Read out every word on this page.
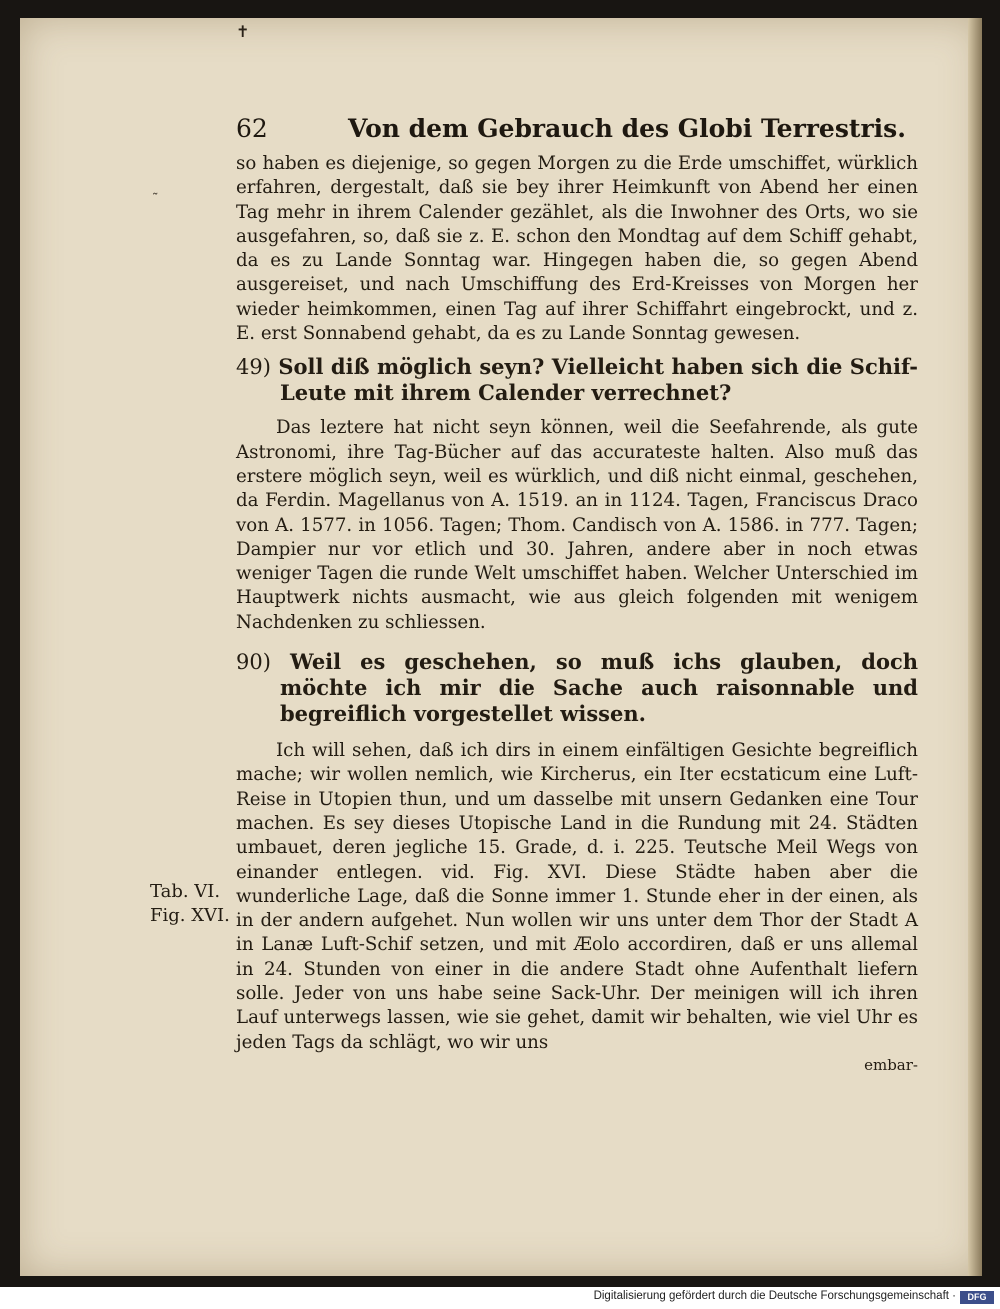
✝
˜
62	Von dem Gebrauch des Globi Terrestris.

so haben es diejenige, so gegen Morgen zu die Erde umschiffet, würklich erfahren, dergestalt, daß sie bey ihrer Heimkunft von Abend her einen Tag mehr in ihrem Calender gezählet, als die Inwohner des Orts, wo sie ausgefahren, so, daß sie z. E. schon den Mondtag auf dem Schiff gehabt, da es zu Lande Sonntag war. Hingegen haben die, so gegen Abend ausgereiset, und nach Umschiffung des Erd-Kreisses von Morgen her wieder heimkommen, einen Tag auf ihrer Schiffahrt eingebrockt, und z. E. erst Sonnabend gehabt, da es zu Lande Sonntag gewesen.

49) Soll diß möglich seyn? Vielleicht haben sich die Schif-Leute mit ihrem Calender verrechnet?

Das leztere hat nicht seyn können, weil die Seefahrende, als gute Astronomi, ihre Tag-Bücher auf das accurateste halten. Also muß das erstere möglich seyn, weil es würklich, und diß nicht einmal, geschehen, da Ferdin. Magellanus von A. 1519. an in 1124. Tagen, Franciscus Draco von A. 1577. in 1056. Tagen; Thom. Candisch von A. 1586. in 777. Tagen; Dampier nur vor etlich und 30. Jahren, andere aber in noch etwas weniger Tagen die runde Welt umschiffet haben. Welcher Unterschied im Hauptwerk nichts ausmacht, wie aus gleich folgenden mit wenigem Nachdenken zu schliessen.

90) Weil es geschehen, so muß ichs glauben, doch möchte ich mir die Sache auch raisonnable und begreiflich vorgestellet wissen.

Ich will sehen, daß ich dirs in einem einfältigen Gesichte begreiflich mache; wir wollen nemlich, wie Kircherus, ein Iter ecstaticum eine Luft-Reise in Utopien thun, und um dasselbe mit unsern Gedanken eine Tour machen. Es sey dieses Utopische Land in die Rundung mit 24. Städten umbauet, deren jegliche 15. Grade, d. i. 225. Teutsche Meil Wegs von einander entlegen. vid. Fig. XVI. Diese Städte haben aber die wunderliche Lage, daß die Sonne immer 1. Stunde eher in der einen, als in der andern aufgehet. Nun wollen wir uns unter dem Thor der Stadt A in Lanæ Luft-Schif setzen, und mit Æolo accordiren, daß er uns allemal in 24. Stunden von einer in die andere Stadt ohne Aufenthalt liefern solle. Jeder von uns habe seine Sack-Uhr. Der meinigen will ich ihren Lauf unterwegs lassen, wie sie gehet, damit wir behalten, wie viel Uhr es jeden Tags da schlägt, wo wir uns

embar-

Tab. VI.
Fig. XVI.
Digitalisierung gefördert durch die Deutsche Forschungsgemeinschaft ·	DFG
